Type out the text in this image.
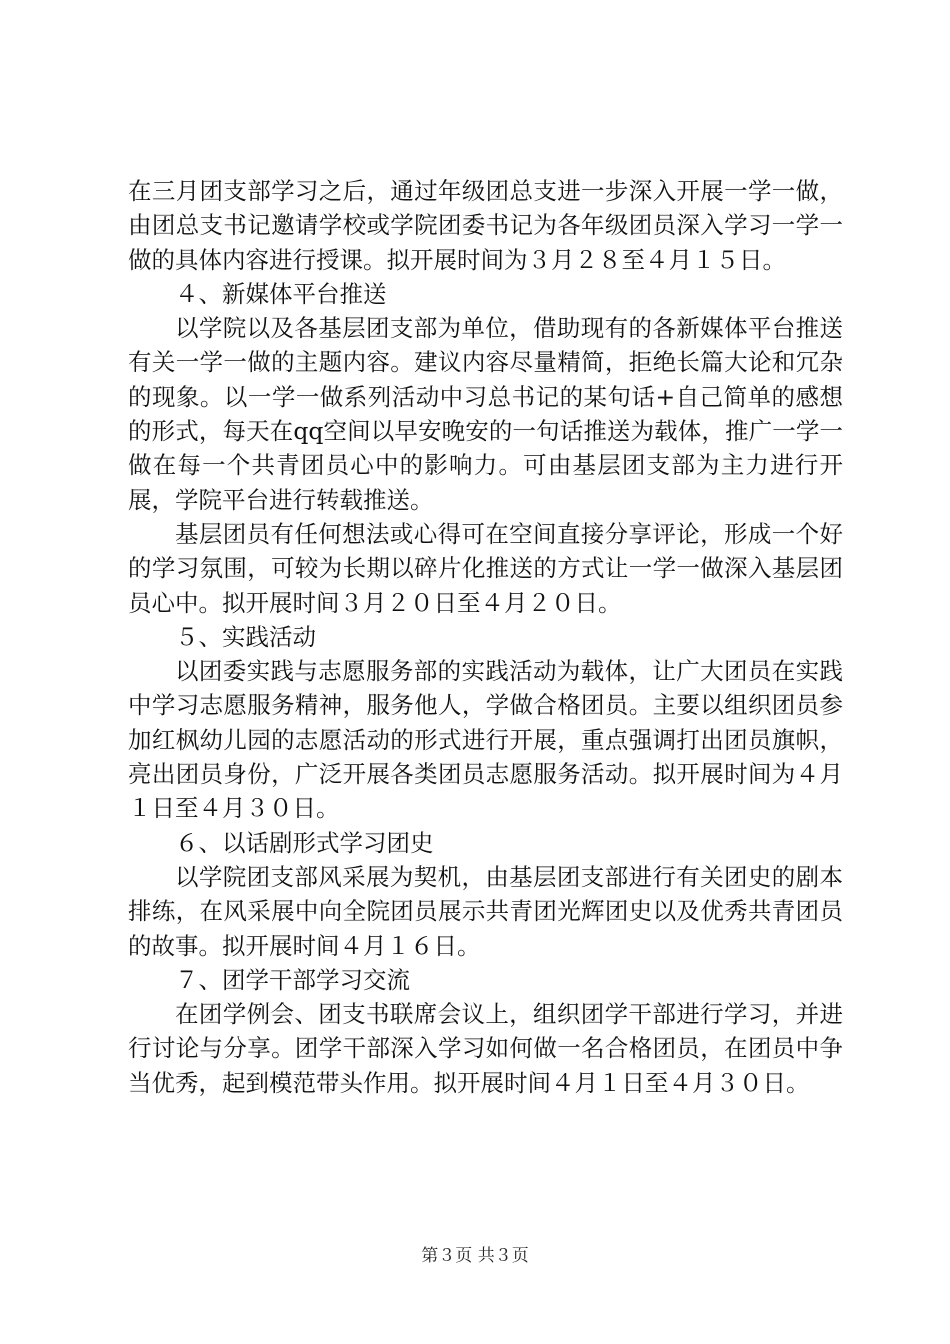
在三月团支部学习之后，通过年级团总支进一步深入开展一学一做，由团总支书记邀请学校或学院团委书记为各年级团员深入学习一学一做的具体内容进行授课。拟开展时间为３月２８至４月１５日。

４、新媒体平台推送

以学院以及各基层团支部为单位，借助现有的各新媒体平台推送有关一学一做的主题内容。建议内容尽量精简，拒绝长篇大论和冗杂的现象。以一学一做系列活动中习总书记的某句话+自己简单的感想的形式，每天在qq空间以早安晚安的一句话推送为载体，推广一学一做在每一个共青团员心中的影响力。可由基层团支部为主力进行开展，学院平台进行转载推送。

基层团员有任何想法或心得可在空间直接分享评论，形成一个好的学习氛围，可较为长期以碎片化推送的方式让一学一做深入基层团员心中。拟开展时间３月２０日至４月２０日。

５、实践活动

以团委实践与志愿服务部的实践活动为载体，让广大团员在实践中学习志愿服务精神，服务他人，学做合格团员。主要以组织团员参加红枫幼儿园的志愿活动的形式进行开展，重点强调打出团员旗帜，亮出团员身份，广泛开展各类团员志愿服务活动。拟开展时间为４月１日至４月３０日。

６、以话剧形式学习团史

以学院团支部风采展为契机，由基层团支部进行有关团史的剧本排练，在风采展中向全院团员展示共青团光辉团史以及优秀共青团员的故事。拟开展时间４月１６日。

７、团学干部学习交流

在团学例会、团支书联席会议上，组织团学干部进行学习，并进行讨论与分享。团学干部深入学习如何做一名合格团员，在团员中争当优秀，起到模范带头作用。拟开展时间４月１日至４月３０日。

第３页 共３页
